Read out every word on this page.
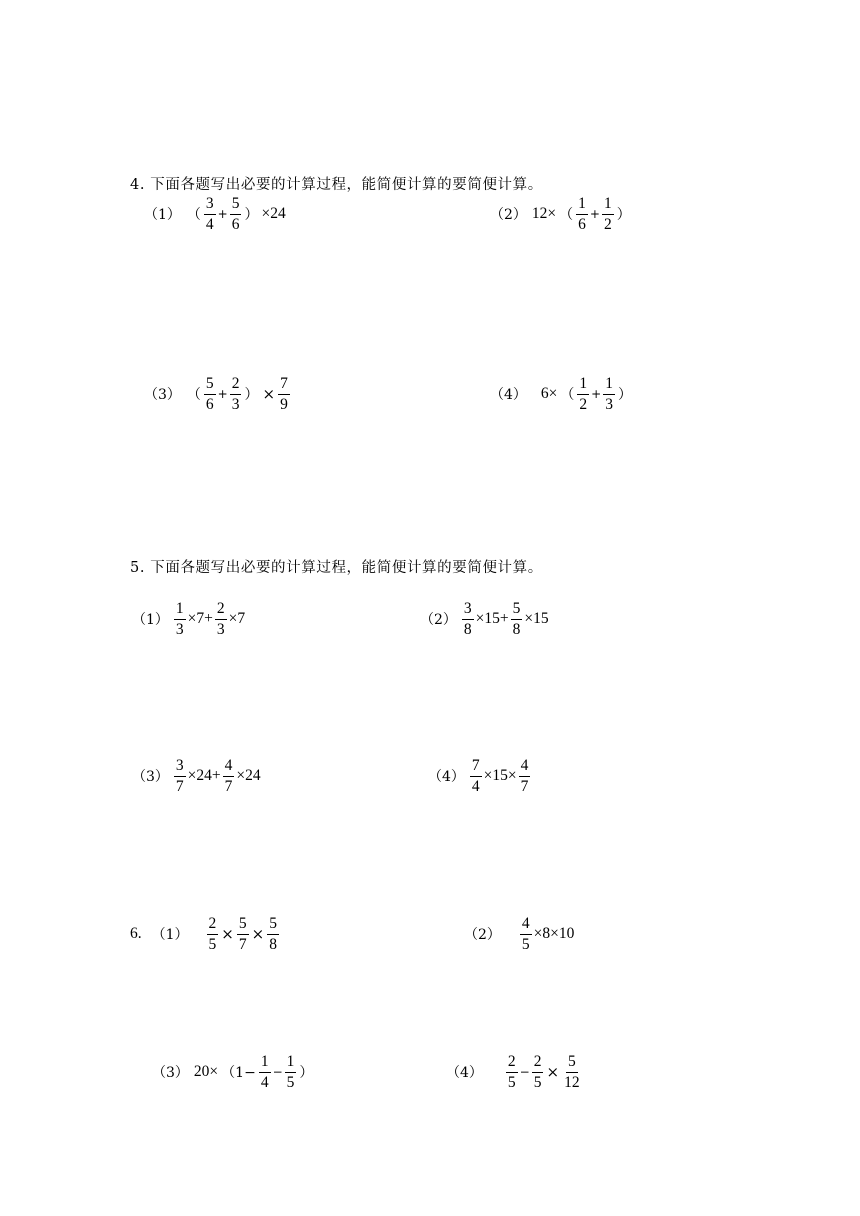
4. 下面各题写出必要的计算过程，能简便计算的要简便计算。
（1） （ $\frac{3}{4} + \frac{5}{6}$ ） ×24	（2） 12× （ $\frac{1}{6} + \frac{1}{2}$ ）
（3） （ $\frac{5}{6} + \frac{2}{3}$ ） × $\frac{7}{9}$	（4） 6× （ $\frac{1}{2} + \frac{1}{3}$ ）
5. 下面各题写出必要的计算过程，能简便计算的要简便计算。
$(1) \frac{1}{3} \times 7+ \frac{2}{3} \times 7$	$(2) \frac{3}{8} \times 15+ \frac{5}{8} \times 15$
$(3) \frac{3}{7} \times 24+ \frac{4}{7} \times 24$	$(4) \frac{7}{4} \times 15\times \frac{4}{7}$
6. $(1) \frac{2}{5} \times \frac{5}{7} \times \frac{5}{8}$	$(2) \frac{4}{5} \times 8\times 10$
（3） $20\times (1- \frac{1}{4} - \frac{1}{5}$ ）	$(4) \frac{2}{5} - \frac{2}{5} \times \frac{5}{12}$
